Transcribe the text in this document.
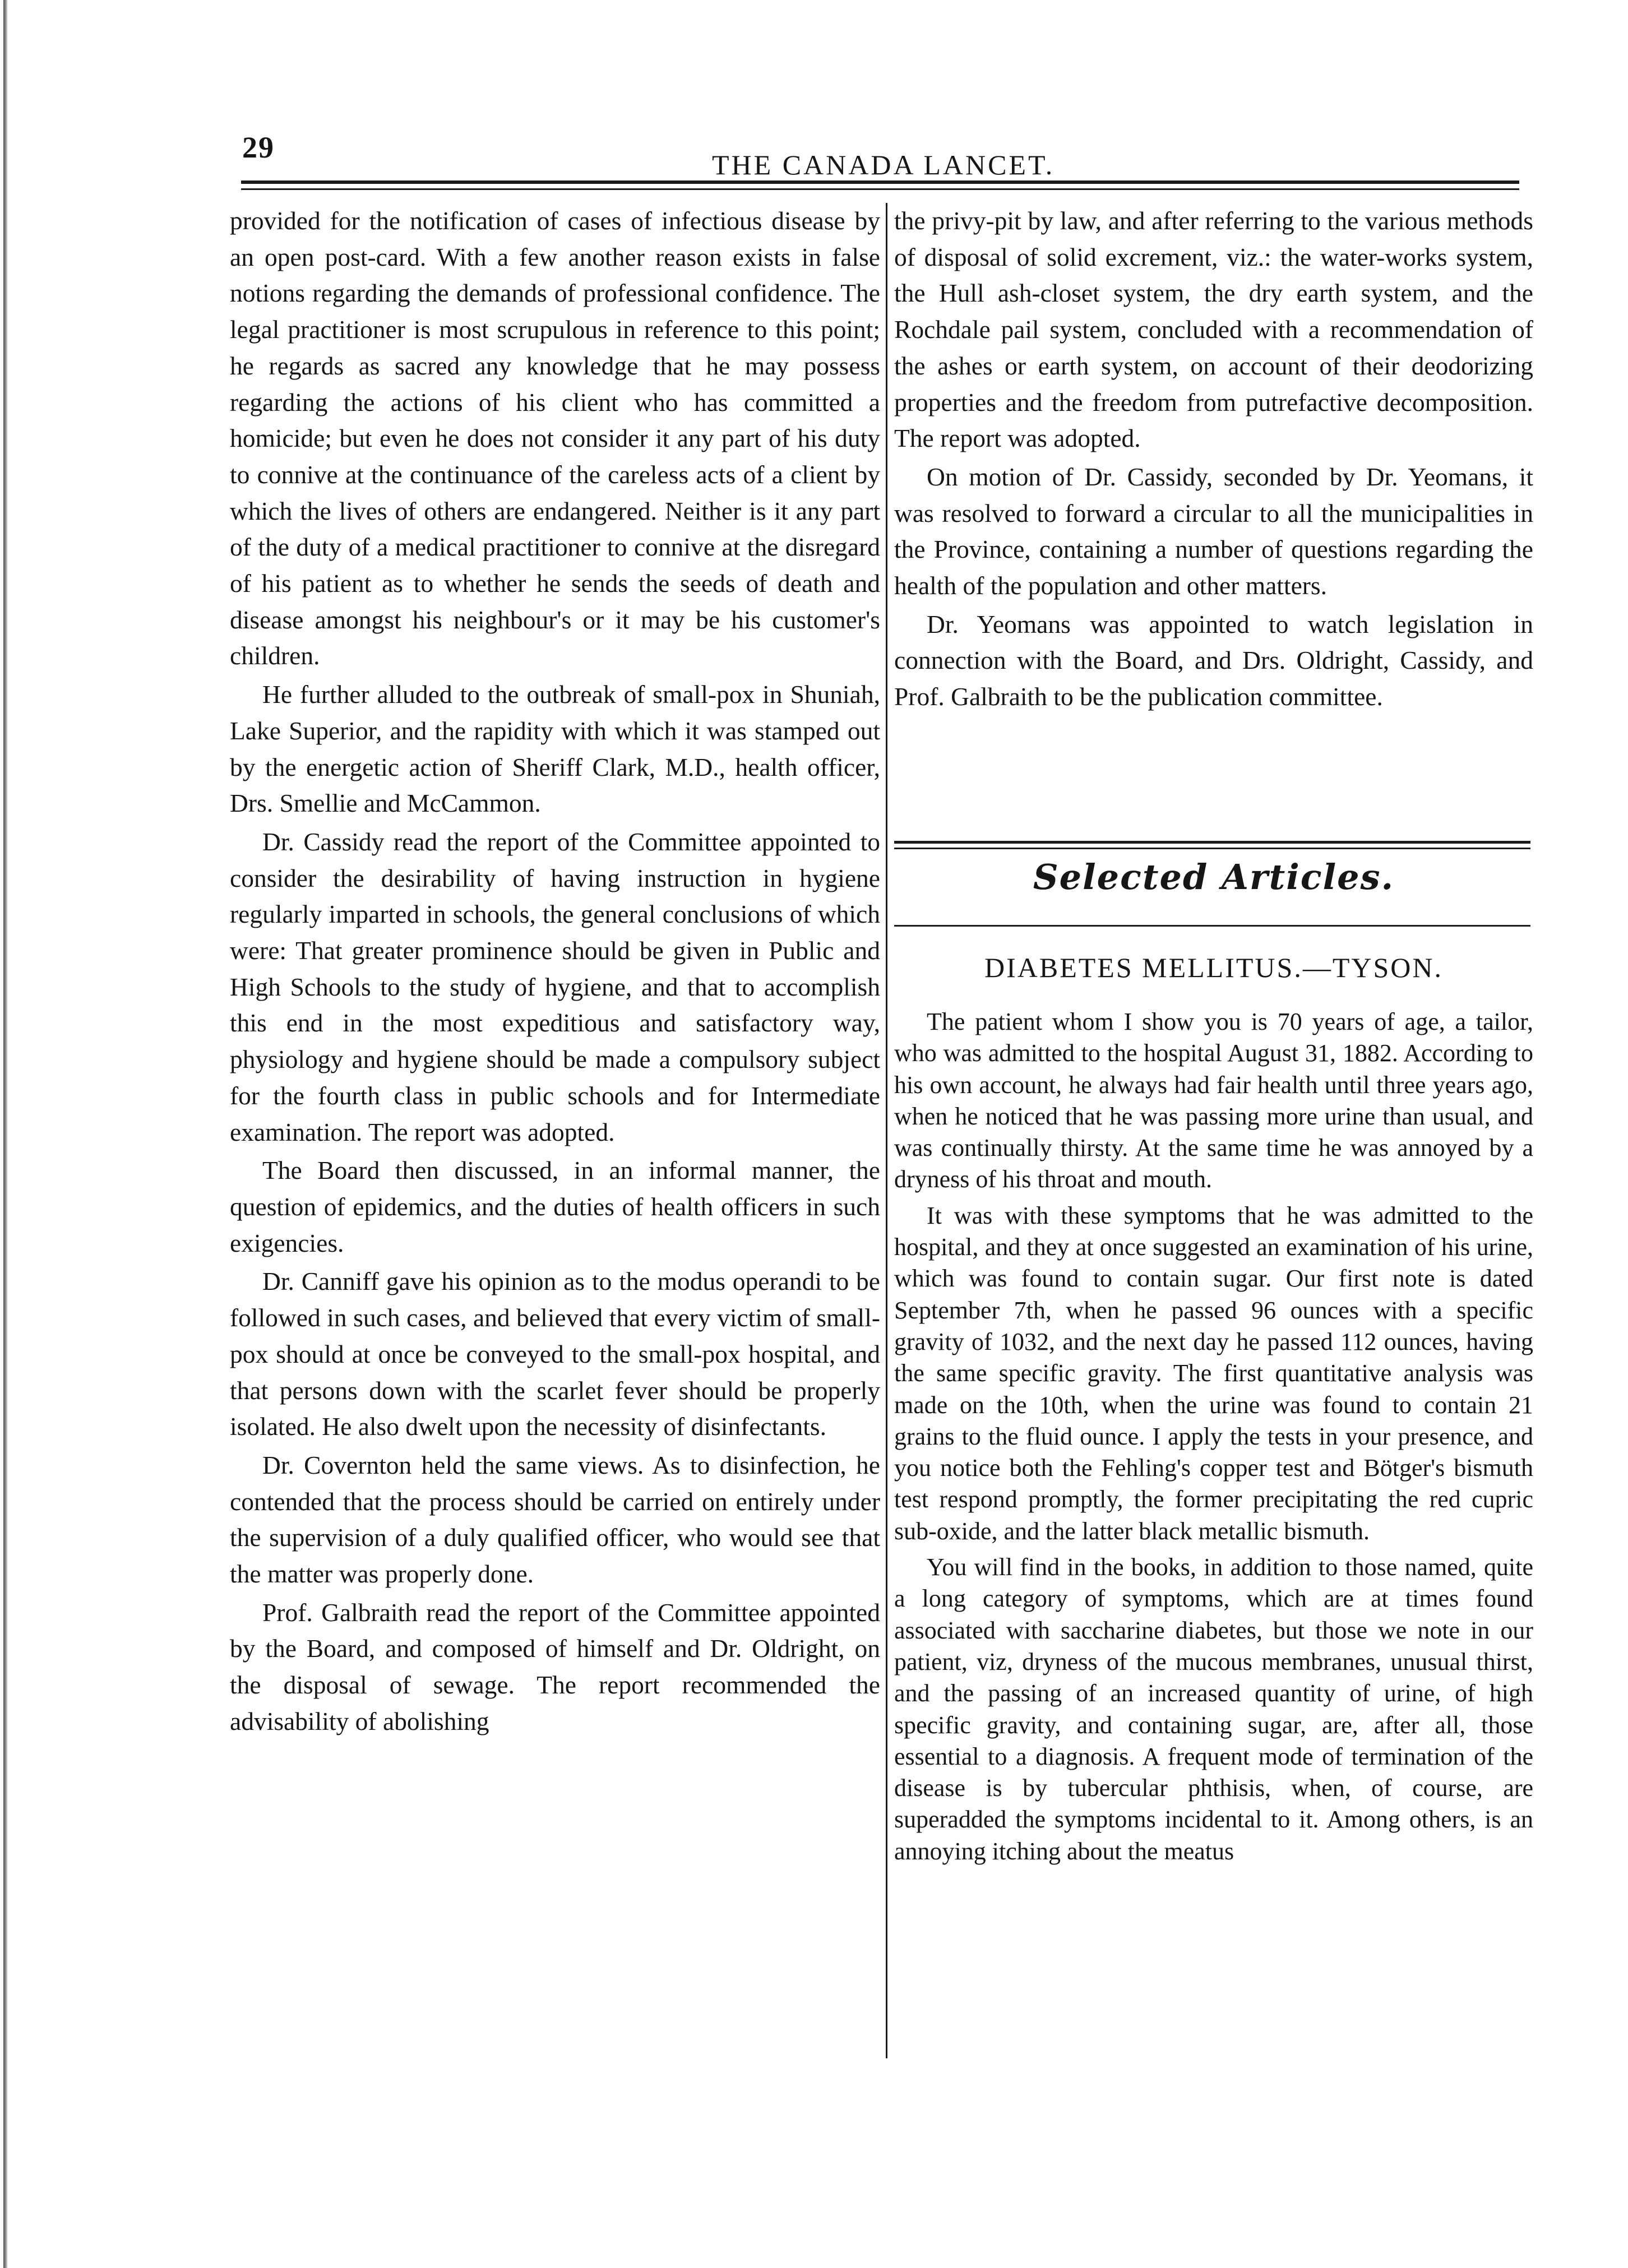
29
THE CANADA LANCET.

provided for the notification of cases of infectious disease by an open post-card. With a few another reason exists in false notions regarding the demands of professional confidence. The legal practitioner is most scrupulous in reference to this point; he regards as sacred any knowledge that he may possess regarding the actions of his client who has committed a homicide; but even he does not consider it any part of his duty to connive at the continuance of the careless acts of a client by which the lives of others are endangered. Neither is it any part of the duty of a medical practitioner to connive at the disregard of his patient as to whether he sends the seeds of death and disease amongst his neighbour's or it may be his customer's children.

He further alluded to the outbreak of small-pox in Shuniah, Lake Superior, and the rapidity with which it was stamped out by the energetic action of Sheriff Clark, M.D., health officer, Drs. Smellie and McCammon.

Dr. Cassidy read the report of the Committee appointed to consider the desirability of having instruction in hygiene regularly imparted in schools, the general conclusions of which were: That greater prominence should be given in Public and High Schools to the study of hygiene, and that to accomplish this end in the most expeditious and satisfactory way, physiology and hygiene should be made a compulsory subject for the fourth class in public schools and for Intermediate examination. The report was adopted.

The Board then discussed, in an informal manner, the question of epidemics, and the duties of health officers in such exigencies.

Dr. Canniff gave his opinion as to the modus operandi to be followed in such cases, and believed that every victim of small-pox should at once be conveyed to the small-pox hospital, and that persons down with the scarlet fever should be properly isolated. He also dwelt upon the necessity of disinfectants.

Dr. Covernton held the same views. As to disinfection, he contended that the process should be carried on entirely under the supervision of a duly qualified officer, who would see that the matter was properly done.

Prof. Galbraith read the report of the Committee appointed by the Board, and composed of himself and Dr. Oldright, on the disposal of sewage. The report recommended the advisability of abolishing

the privy-pit by law, and after referring to the various methods of disposal of solid excrement, viz.: the water-works system, the Hull ash-closet system, the dry earth system, and the Rochdale pail system, concluded with a recommendation of the ashes or earth system, on account of their deodorizing properties and the freedom from putrefactive decomposition. The report was adopted.

On motion of Dr. Cassidy, seconded by Dr. Yeomans, it was resolved to forward a circular to all the municipalities in the Province, containing a number of questions regarding the health of the population and other matters.

Dr. Yeomans was appointed to watch legislation in connection with the Board, and Drs. Oldright, Cassidy, and Prof. Galbraith to be the publication committee.

Selected Articles.
DIABETES MELLITUS.—TYSON.

The patient whom I show you is 70 years of age, a tailor, who was admitted to the hospital August 31, 1882. According to his own account, he always had fair health until three years ago, when he noticed that he was passing more urine than usual, and was continually thirsty. At the same time he was annoyed by a dryness of his throat and mouth.

It was with these symptoms that he was admitted to the hospital, and they at once suggested an examination of his urine, which was found to contain sugar. Our first note is dated September 7th, when he passed 96 ounces with a specific gravity of 1032, and the next day he passed 112 ounces, having the same specific gravity. The first quantitative analysis was made on the 10th, when the urine was found to contain 21 grains to the fluid ounce. I apply the tests in your presence, and you notice both the Fehling's copper test and Bötger's bismuth test respond promptly, the former precipitating the red cupric sub-oxide, and the latter black metallic bismuth.

You will find in the books, in addition to those named, quite a long category of symptoms, which are at times found associated with saccharine diabetes, but those we note in our patient, viz, dryness of the mucous membranes, unusual thirst, and the passing of an increased quantity of urine, of high specific gravity, and containing sugar, are, after all, those essential to a diagnosis. A frequent mode of termination of the disease is by tubercular phthisis, when, of course, are superadded the symptoms incidental to it. Among others, is an annoying itching about the meatus
